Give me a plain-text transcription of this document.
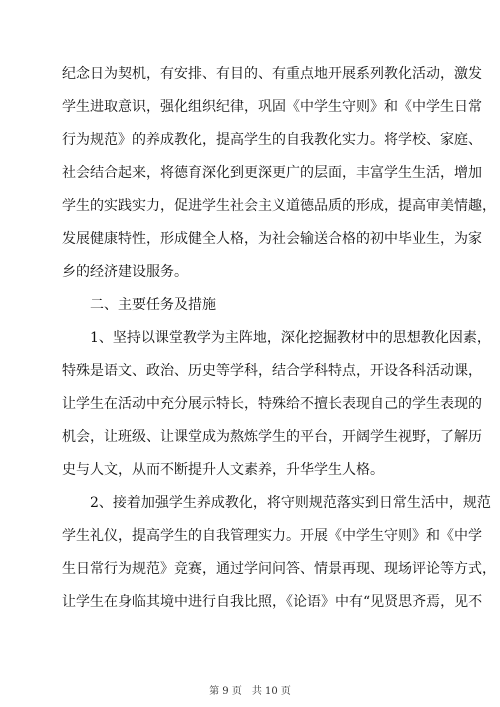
纪念日为契机，有安排、有目的、有重点地开展系列教化活动，激发
学生进取意识，强化组织纪律，巩固《中学生守则》和《中学生日常
行为规范》的养成教化，提高学生的自我教化实力。将学校、家庭、
社会结合起来，将德育深化到更深更广的层面，丰富学生生活，增加
学生的实践实力，促进学生社会主义道德品质的形成，提高审美情趣，
发展健康特性，形成健全人格，为社会输送合格的初中毕业生，为家
乡的经济建设服务。
二、主要任务及措施
1、坚持以课堂教学为主阵地，深化挖掘教材中的思想教化因素，
特殊是语文、政治、历史等学科，结合学科特点，开设各科活动课，
让学生在活动中充分展示特长，特殊给不擅长表现自己的学生表现的
机会，让班级、让课堂成为熬炼学生的平台，开阔学生视野，了解历
史与人文，从而不断提升人文素养，升华学生人格。
2、接着加强学生养成教化，将守则规范落实到日常生活中，规范
学生礼仪，提高学生的自我管理实力。开展《中学生守则》和《中学
生日常行为规范》竞赛，通过学问问答、情景再现、现场评论等方式，
让学生在身临其境中进行自我比照，《论语》中有“见贤思齐焉，见不
第 9 页　共 10 页
